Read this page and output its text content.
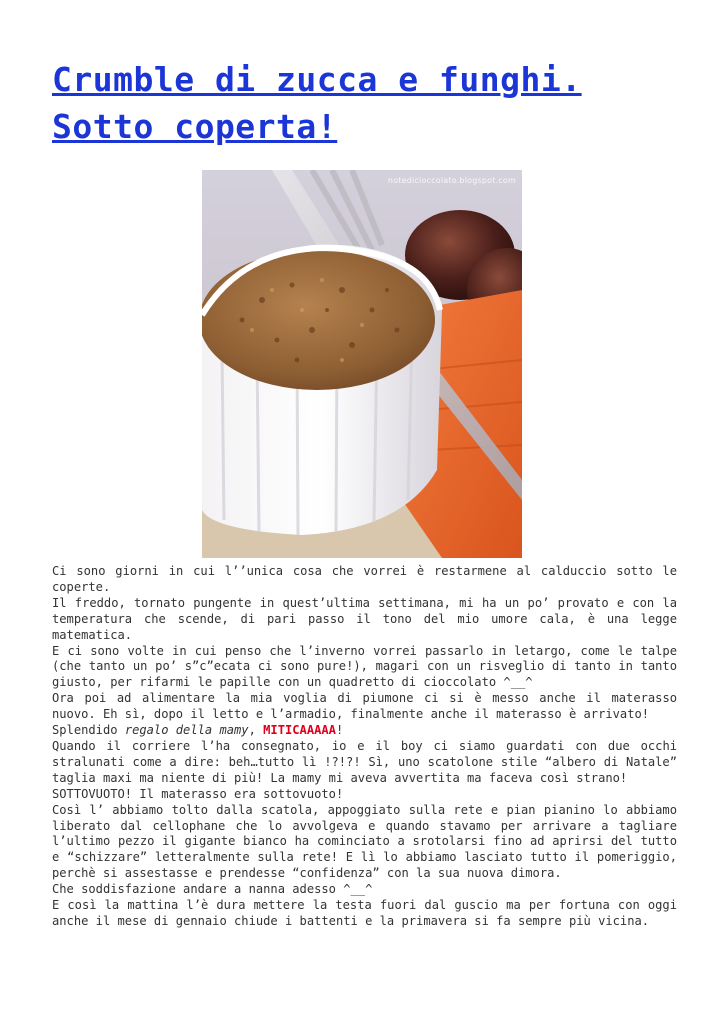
Crumble di zucca e funghi.
Sotto coperta!
notedicioccolato.blogspot.com

Ci sono giorni in cui l’’unica cosa che vorrei è restarmene al calduccio sotto le coperte.

Il freddo, tornato pungente in quest’ultima settimana, mi ha un po’ provato e con la temperatura che scende, di pari passo il tono del mio umore cala, è una legge matematica.

E ci sono volte in cui penso che l’inverno vorrei passarlo in letargo, come le talpe (che tanto un po’ s”c”ecata ci sono pure!), magari con un risveglio di tanto in tanto giusto, per rifarmi le papille con un quadretto di cioccolato ^__^

Ora poi ad alimentare la mia voglia di piumone ci si è messo anche il materasso nuovo. Eh sì, dopo il letto e l’armadio, finalmente anche il materasso è arrivato!

Splendido regalo della mamy, MITICAAAAA!

Quando il corriere l’ha consegnato, io e il boy ci siamo guardati con due occhi stralunati come a dire: beh…tutto lì !?!?! Sì, uno scatolone stile “albero di Natale” taglia maxi ma niente di più! La mamy mi aveva avvertita ma faceva così strano!

SOTTOVUOTO! Il materasso era sottovuoto!

Così l’ abbiamo tolto dalla scatola, appoggiato sulla rete e pian pianino lo abbiamo liberato dal cellophane che lo avvolgeva e quando stavamo per arrivare a tagliare l’ultimo pezzo il gigante bianco ha cominciato a srotolarsi fino ad aprirsi del tutto e “schizzare” letteralmente sulla rete! E lì lo abbiamo lasciato tutto il pomeriggio, perchè si assestasse e prendesse “confidenza” con la sua nuova dimora.

Che soddisfazione andare a nanna adesso ^__^

E così la mattina l’è dura mettere la testa fuori dal guscio ma per fortuna con oggi anche il mese di gennaio chiude i battenti e la primavera si fa sempre più vicina.
